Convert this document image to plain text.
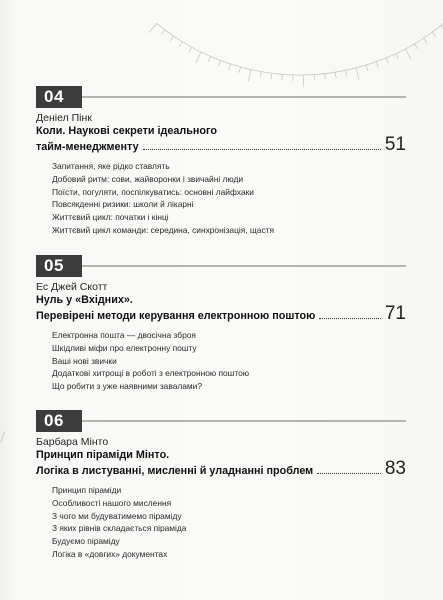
04
Деніел Пінк
Коли. Наукові секрети ідеального
тайм-менеджменту	51
Запитання, яке рідко ставлять
Добовий ритм: сови, жайворонки і звичайні люди
Поїсти, погуляти, поспілкуватись: основні лайфхаки
Повсякденні ризики: школи й лікарні
Життєвий цикл: початки і кінці
Життєвий цикл команди: середина, синхронізація, щастя
05
Ес Джей Скотт
Нуль у «Вхідних».
Перевірені методи керування електронною поштою	71
Електронна пошта — двосічна зброя
Шкідливі міфи про електронну пошту
Ваші нові звички
Додаткові хитрощі в роботі з електронною поштою
Що робити з уже наявними завалами?
06
Барбара Мінто
Принцип піраміди Мінто.
Логіка в листуванні, мисленні й уладнанні проблем	83
Принцип піраміди
Особливості нашого мислення
З чого ми будуватимемо піраміду
З яких рівнів складається піраміда
Будуємо піраміду
Логіка в «довгих» документах
